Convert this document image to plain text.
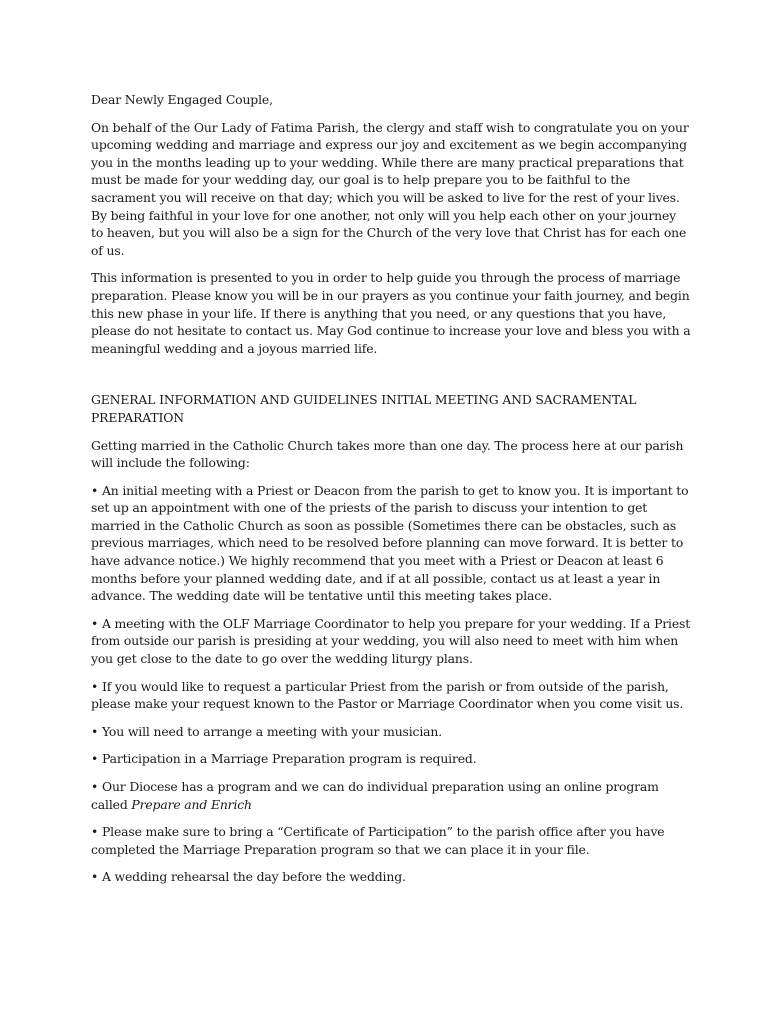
Dear Newly Engaged Couple,

On behalf of the Our Lady of Fatima Parish, the clergy and staff wish to congratulate you on your upcoming wedding and marriage and express our joy and excitement as we begin accompanying you in the months leading up to your wedding. While there are many practical preparations that must be made for your wedding day, our goal is to help prepare you to be faithful to the sacrament you will receive on that day; which you will be asked to live for the rest of your lives. By being faithful in your love for one another, not only will you help each other on your journey to heaven, but you will also be a sign for the Church of the very love that Christ has for each one of us.

This information is presented to you in order to help guide you through the process of marriage preparation. Please know you will be in our prayers as you continue your faith journey, and begin this new phase in your life. If there is anything that you need, or any questions that you have, please do not hesitate to contact us. May God continue to increase your love and bless you with a meaningful wedding and a joyous married life.

GENERAL INFORMATION AND GUIDELINES INITIAL MEETING AND SACRAMENTAL PREPARATION

Getting married in the Catholic Church takes more than one day. The process here at our parish will include the following:

• An initial meeting with a Priest or Deacon from the parish to get to know you. It is important to set up an appointment with one of the priests of the parish to discuss your intention to get married in the Catholic Church as soon as possible (Sometimes there can be obstacles, such as previous marriages, which need to be resolved before planning can move forward. It is better to have advance notice.) We highly recommend that you meet with a Priest or Deacon at least 6 months before your planned wedding date, and if at all possible, contact us at least a year in advance. The wedding date will be tentative until this meeting takes place.

• A meeting with the OLF Marriage Coordinator to help you prepare for your wedding. If a Priest from outside our parish is presiding at your wedding, you will also need to meet with him when you get close to the date to go over the wedding liturgy plans.

• If you would like to request a particular Priest from the parish or from outside of the parish, please make your request known to the Pastor or Marriage Coordinator when you come visit us.

• You will need to arrange a meeting with your musician.

• Participation in a Marriage Preparation program is required.

• Our Diocese has a program and we can do individual preparation using an online program called Prepare and Enrich

• Please make sure to bring a “Certificate of Participation” to the parish office after you have completed the Marriage Preparation program so that we can place it in your file.

• A wedding rehearsal the day before the wedding.
